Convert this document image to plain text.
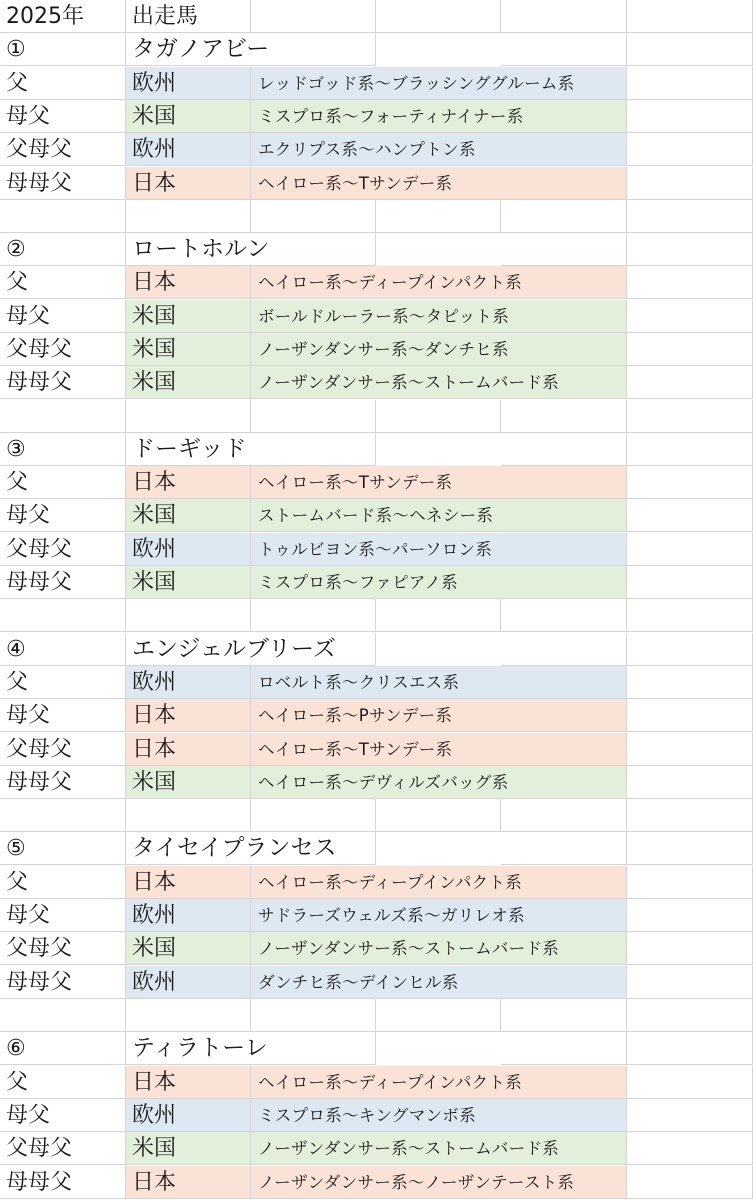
2025年 出走馬
①	タガノアビー
父	欧州	レッドゴッド系～ブラッシンググルーム系
母父	米国	ミスプロ系～フォーティナイナー系
父母父	欧州	エクリプス系～ハンプトン系
母母父	日本	ヘイロー系～Tサンデー系
②	ロートホルン
父	日本	ヘイロー系～ディープインパクト系
母父	米国	ボールドルーラー系～タピット系
父母父	米国	ノーザンダンサー系～ダンチヒ系
母母父	米国	ノーザンダンサー系～ストームバード系
③	ドーギッド
父	日本	ヘイロー系～Tサンデー系
母父	米国	ストームバード系～ヘネシー系
父母父	欧州	トゥルビヨン系～パーソロン系
母母父	米国	ミスプロ系～ファピアノ系
④	エンジェルブリーズ
父	欧州	ロベルト系～クリスエス系
母父	日本	ヘイロー系～Pサンデー系
父母父	日本	ヘイロー系～Tサンデー系
母母父	米国	ヘイロー系～デヴィルズバッグ系
⑤	タイセイプランセス
父	日本	ヘイロー系～ディープインパクト系
母父	欧州	サドラーズウェルズ系～ガリレオ系
父母父	米国	ノーザンダンサー系～ストームバード系
母母父	欧州	ダンチヒ系～デインヒル系
⑥	ティラトーレ
父	日本	ヘイロー系～ディープインパクト系
母父	欧州	ミスプロ系～キングマンボ系
父母父	米国	ノーザンダンサー系～ストームバード系
母母父	日本	ノーザンダンサー系～ノーザンテースト系
